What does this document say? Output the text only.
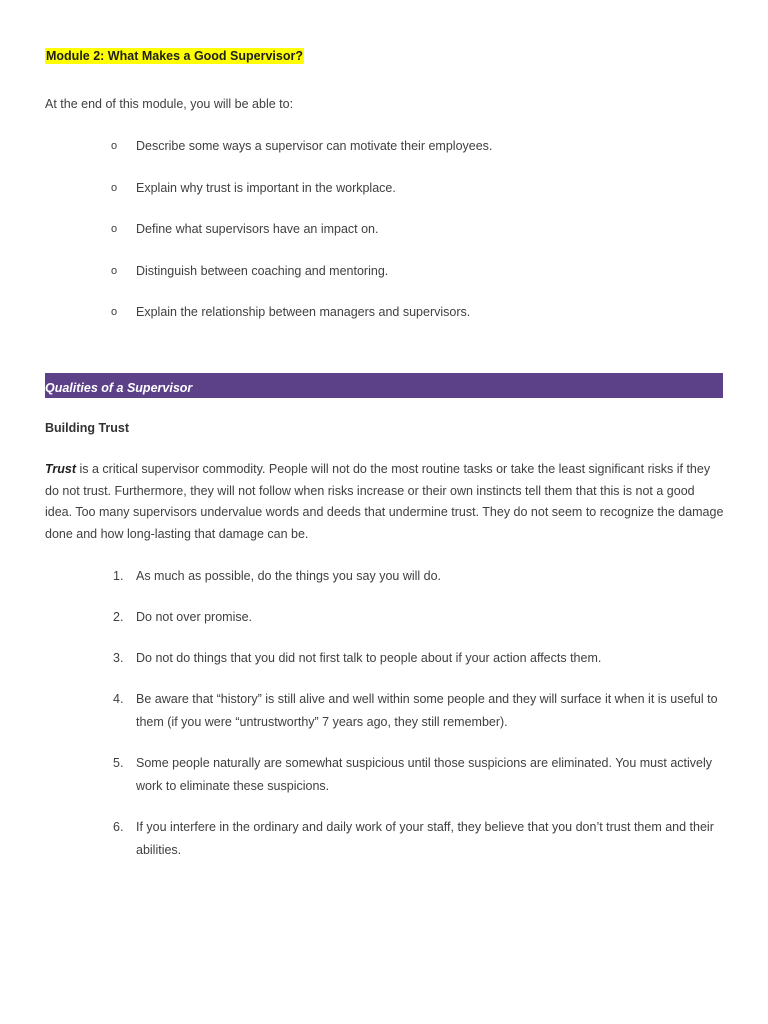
Module 2: What Makes a Good Supervisor?
At the end of this module, you will be able to:
o Describe some ways a supervisor can motivate their employees.
o Explain why trust is important in the workplace.
o Define what supervisors have an impact on.
o Distinguish between coaching and mentoring.
o Explain the relationship between managers and supervisors.
Qualities of a Supervisor
Building Trust
Trust is a critical supervisor commodity. People will not do the most routine tasks or take the least significant risks if they do not trust. Furthermore, they will not follow when risks increase or their own instincts tell them that this is not a good idea. Too many supervisors undervalue words and deeds that undermine trust. They do not seem to recognize the damage done and how long-lasting that damage can be.
1. As much as possible, do the things you say you will do.
2. Do not over promise.
3. Do not do things that you did not first talk to people about if your action affects them.
4. Be aware that “history” is still alive and well within some people and they will surface it when it is useful to them (if you were “untrustworthy” 7 years ago, they still remember).
5. Some people naturally are somewhat suspicious until those suspicions are eliminated. You must actively work to eliminate these suspicions.
6. If you interfere in the ordinary and daily work of your staff, they believe that you don’t trust them and their abilities.
